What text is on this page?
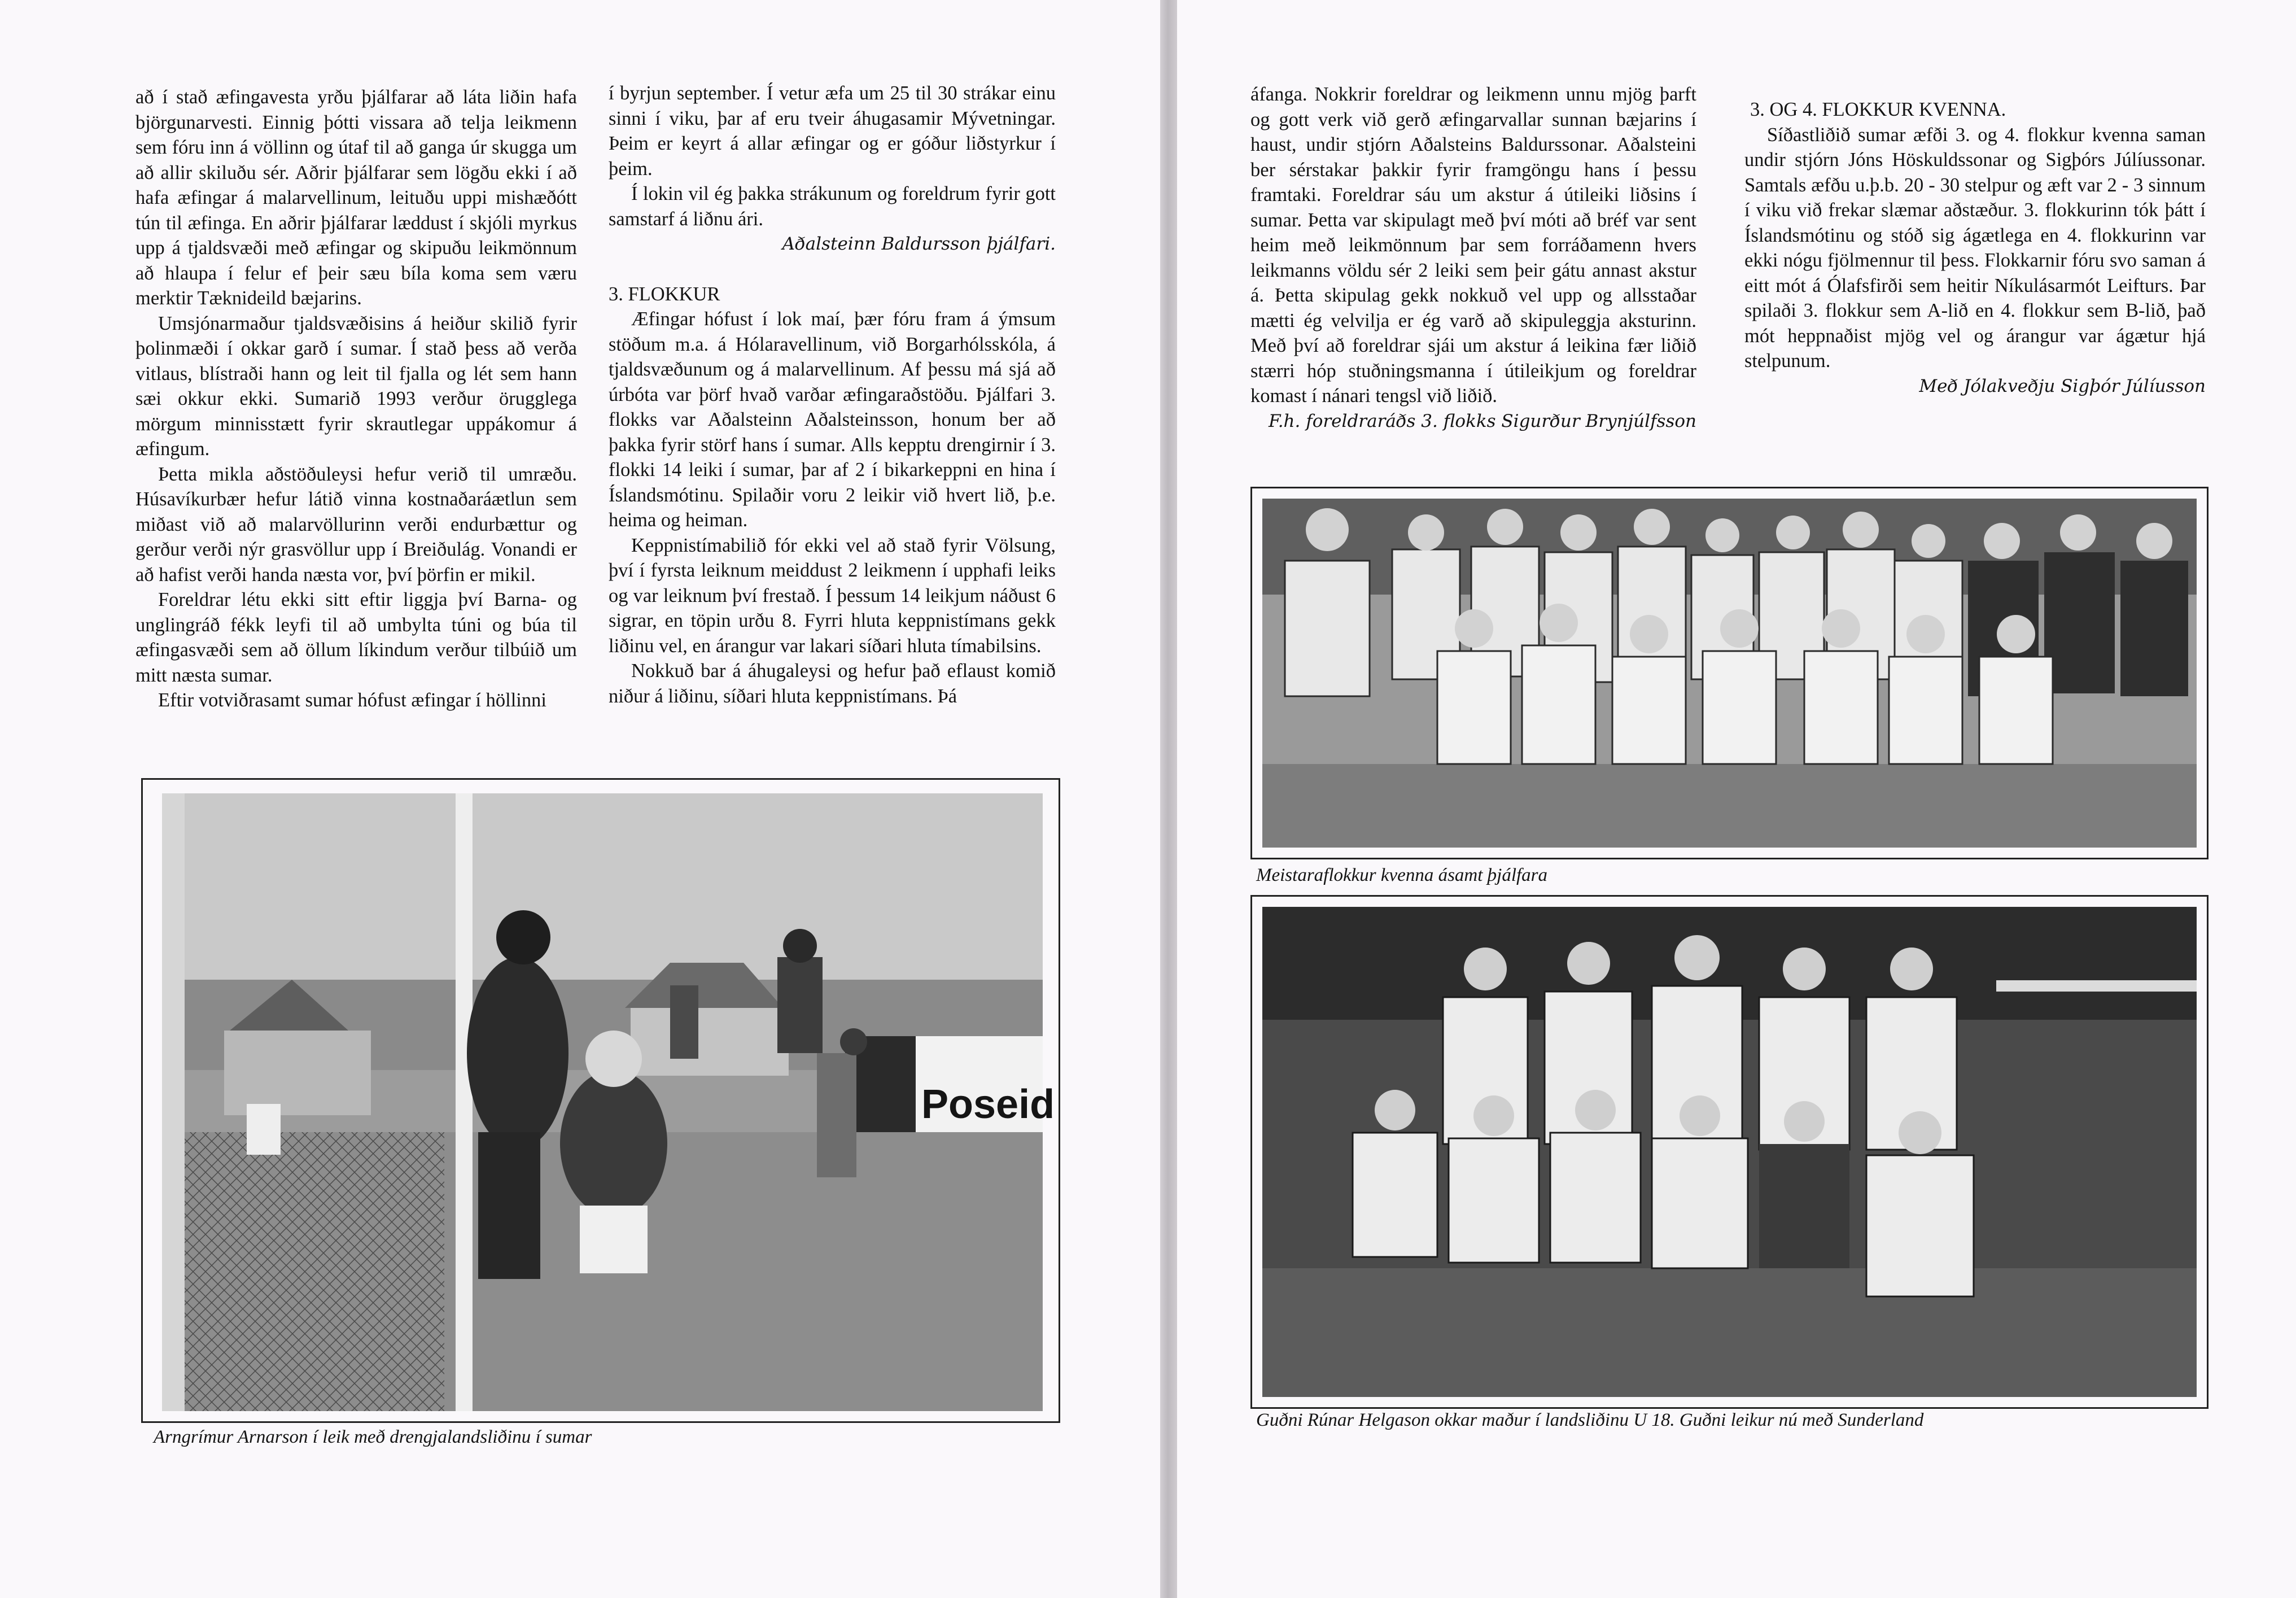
að í stað æfingavesta yrðu þjálfarar að láta liðin hafa björgunarvesti. Einnig þótti vissara að telja leikmenn sem fóru inn á völlinn og útaf til að ganga úr skugga um að allir skiluðu sér. Aðrir þjálfarar sem lögðu ekki í að hafa æfingar á malarvellinum, leituðu uppi mishæðótt tún til æfinga. En aðrir þjálfarar læddust í skjóli myrkus upp á tjaldsvæði með æfingar og skipuðu leikmönnum að hlaupa í felur ef þeir sæu bíla koma sem væru merktir Tæknideild bæjarins.

Umsjónarmaður tjaldsvæðisins á heiður skilið fyrir þolinmæði í okkar garð í sumar. Í stað þess að verða vitlaus, blístraði hann og leit til fjalla og lét sem hann sæi okkur ekki. Sumarið 1993 verður örugglega mörgum minnisstætt fyrir skrautlegar uppákomur á æfingum.

Þetta mikla aðstöðuleysi hefur verið til umræðu. Húsavíkurbær hefur látið vinna kostnaðaráætlun sem miðast við að malarvöllurinn verði endurbættur og gerður verði nýr grasvöllur upp í Breiðulág. Vonandi er að hafist verði handa næsta vor, því þörfin er mikil.

Foreldrar létu ekki sitt eftir liggja því Barna- og unglingráð fékk leyfi til að umbylta túni og búa til æfingasvæði sem að öllum líkindum verður tilbúið um mitt næsta sumar.

Eftir votviðrasamt sumar hófust æfingar í höllinni

í byrjun september. Í vetur æfa um 25 til 30 strákar einu sinni í viku, þar af eru tveir áhugasamir Mývetningar. Þeim er keyrt á allar æfingar og er góður liðstyrkur í þeim.

Í lokin vil ég þakka strákunum og foreldrum fyrir gott samstarf á liðnu ári.

Aðalsteinn Baldursson þjálfari.

3. FLOKKUR

Æfingar hófust í lok maí, þær fóru fram á ýmsum stöðum m.a. á Hólaravellinum, við Borgarhólsskóla, á tjaldsvæðunum og á malarvellinum. Af þessu má sjá að úrbóta var þörf hvað varðar æfingaraðstöðu. Þjálfari 3. flokks var Aðalsteinn Aðalsteinsson, honum ber að þakka fyrir störf hans í sumar. Alls kepptu drengirnir í 3. flokki 14 leiki í sumar, þar af 2 í bikarkeppni en hina í Íslandsmótinu. Spilaðir voru 2 leikir við hvert lið, þ.e. heima og heiman.

Keppnistímabilið fór ekki vel að stað fyrir Völsung, því í fyrsta leiknum meiddust 2 leikmenn í upphafi leiks og var leiknum því frestað. Í þessum 14 leikjum náðust 6 sigrar, en töpin urðu 8. Fyrri hluta keppnistímans gekk liðinu vel, en árangur var lakari síðari hluta tímabilsins.

Nokkuð bar á áhugaleysi og hefur það eflaust komið niður á liðinu, síðari hluta keppnistímans. Þá

Poseid
Arngrímur Arnarson í leik með drengjalandsliðinu í sumar

áfanga. Nokkrir foreldrar og leikmenn unnu mjög þarft og gott verk við gerð æfingarvallar sunnan bæjarins í haust, undir stjórn Aðalsteins Baldurssonar. Aðalsteini ber sérstakar þakkir fyrir framgöngu hans í þessu framtaki. Foreldrar sáu um akstur á útileiki liðsins í sumar. Þetta var skipulagt með því móti að bréf var sent heim með leikmönnum þar sem forráðamenn hvers leikmanns völdu sér 2 leiki sem þeir gátu annast akstur á. Þetta skipulag gekk nokkuð vel upp og allsstaðar mætti ég velvilja er ég varð að skipuleggja aksturinn. Með því að foreldrar sjái um akstur á leikina fær liðið stærri hóp stuðningsmanna í útileikjum og foreldrar komast í nánari tengsl við liðið.

F.h. foreldraráðs 3. flokks Sigurður Brynjúlfsson

3. OG 4. FLOKKUR KVENNA.

Síðastliðið sumar æfði 3. og 4. flokkur kvenna saman undir stjórn Jóns Höskuldssonar og Sigþórs Júlíussonar. Samtals æfðu u.þ.b. 20 - 30 stelpur og æft var 2 - 3 sinnum í viku við frekar slæmar aðstæður. 3. flokkurinn tók þátt í Íslandsmótinu og stóð sig ágætlega en 4. flokkurinn var ekki nógu fjölmennur til þess. Flokkarnir fóru svo saman á eitt mót á Ólafsfirði sem heitir Níkulásarmót Leifturs. Þar spilaði 3. flokkur sem A-lið en 4. flokkur sem B-lið, það mót heppnaðist mjög vel og árangur var ágætur hjá stelpunum.

Með Jólakveðju Sigþór Júlíusson

Meistaraflokkur kvenna ásamt þjálfara
Guðni Rúnar Helgason okkar maður í landsliðinu U 18. Guðni leikur nú með Sunderland
